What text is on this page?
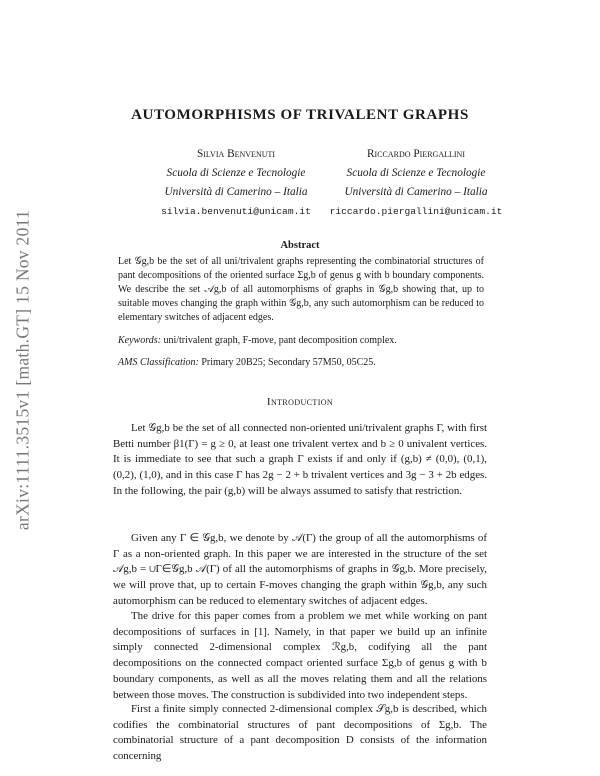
arXiv:1111.3515v1 [math.GT] 15 Nov 2011
AUTOMORPHISMS OF TRIVALENT GRAPHS
Silvia Benvenuti
Scuola di Scienze e Tecnologie
Università di Camerino – Italia
silvia.benvenuti@unicam.it
Riccardo Piergallini
Scuola di Scienze e Tecnologie
Università di Camerino – Italia
riccardo.piergallini@unicam.it
Abstract

Let 𝒢g,b be the set of all uni/trivalent graphs representing the combinatorial structures of pant decompositions of the oriented surface Σg,b of genus g with b boundary components. We describe the set 𝒜g,b of all automorphisms of graphs in 𝒢g,b showing that, up to suitable moves changing the graph within 𝒢g,b, any such automorphism can be reduced to elementary switches of adjacent edges.

Keywords: uni/trivalent graph, F-move, pant decomposition complex.
AMS Classification: Primary 20B25; Secondary 57M50, 05C25.
Introduction

Let 𝒢g,b be the set of all connected non-oriented uni/trivalent graphs Γ, with first Betti number β1(Γ) = g ≥ 0, at least one trivalent vertex and b ≥ 0 univalent vertices. It is immediate to see that such a graph Γ exists if and only if (g,b) ≠ (0,0), (0,1), (0,2), (1,0), and in this case Γ has 2g − 2 + b trivalent vertices and 3g − 3 + 2b edges. In the following, the pair (g,b) will be always assumed to satisfy that restriction.

Given any Γ ∈ 𝒢g,b, we denote by 𝒜(Γ) the group of all the automorphisms of Γ as a non-oriented graph. In this paper we are interested in the structure of the set 𝒜g,b = ∪Γ∈𝒢g,b 𝒜(Γ) of all the automorphisms of graphs in 𝒢g,b. More precisely, we will prove that, up to certain F-moves changing the graph within 𝒢g,b, any such automorphism can be reduced to elementary switches of adjacent edges.

The drive for this paper comes from a problem we met while working on pant decompositions of surfaces in [1]. Namely, in that paper we build up an infinite simply connected 2-dimensional complex ℛg,b, codifying all the pant decompositions on the connected compact oriented surface Σg,b of genus g with b boundary components, as well as all the moves relating them and all the relations between those moves. The construction is subdivided into two independent steps.

First a finite simply connected 2-dimensional complex 𝒮g,b is described, which codifies the combinatorial structures of pant decompositions of Σg,b. The combinatorial structure of a pant decomposition D consists of the information concerning
